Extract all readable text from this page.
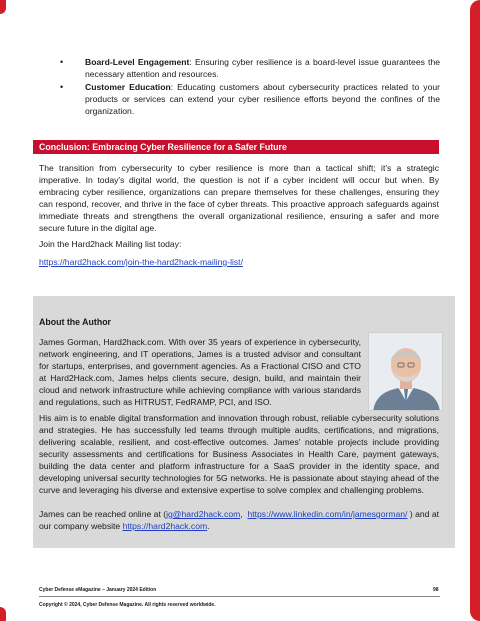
•	Board-Level Engagement: Ensuring cyber resilience is a board-level issue guarantees the necessary attention and resources.
•	Customer Education: Educating customers about cybersecurity practices related to your products or services can extend your cyber resilience efforts beyond the confines of the organization.
Conclusion: Embracing Cyber Resilience for a Safer Future

The transition from cybersecurity to cyber resilience is more than a tactical shift; it's a strategic imperative. In today's digital world, the question is not if a cyber incident will occur but when. By embracing cyber resilience, organizations can prepare themselves for these challenges, ensuring they can respond, recover, and thrive in the face of cyber threats. This proactive approach safeguards against immediate threats and strengthens the overall organizational resilience, ensuring a safer and more secure future in the digital age.

Join the Hard2hack Mailing list today:

https://hard2hack.com/join-the-hard2hack-mailing-list/

About the Author

James Gorman, Hard2hack.com. With over 35 years of experience in cybersecurity, network engineering, and IT operations, James is a trusted advisor and consultant for startups, enterprises, and government agencies. As a Fractional CISO and CTO at Hard2Hack.com, James helps clients secure, design, build, and maintain their cloud and network infrastructure while achieving compliance with various standards and regulations, such as HITRUST, FedRAMP, PCI, and ISO.

His aim is to enable digital transformation and innovation through robust, reliable cybersecurity solutions and strategies. He has successfully led teams through multiple audits, certifications, and migrations, delivering scalable, resilient, and cost-effective outcomes. James' notable projects include providing security assessments and certifications for Business Associates in Health Care, payment gateways, building the data center and platform infrastructure for a SaaS provider in the identity space, and developing universal security technologies for 5G networks. He is passionate about staying ahead of the curve and leveraging his diverse and extensive expertise to solve complex and challenging problems.

James can be reached online at (jg@hard2hack.com,  https://www.linkedin.com/in/jamesgorman/ ) and at our company website https://hard2hack.com.

Cyber Defense eMagazine – January 2024 Edition

Copyright © 2024, Cyber Defense Magazine. All rights reserved worldwide.

98
